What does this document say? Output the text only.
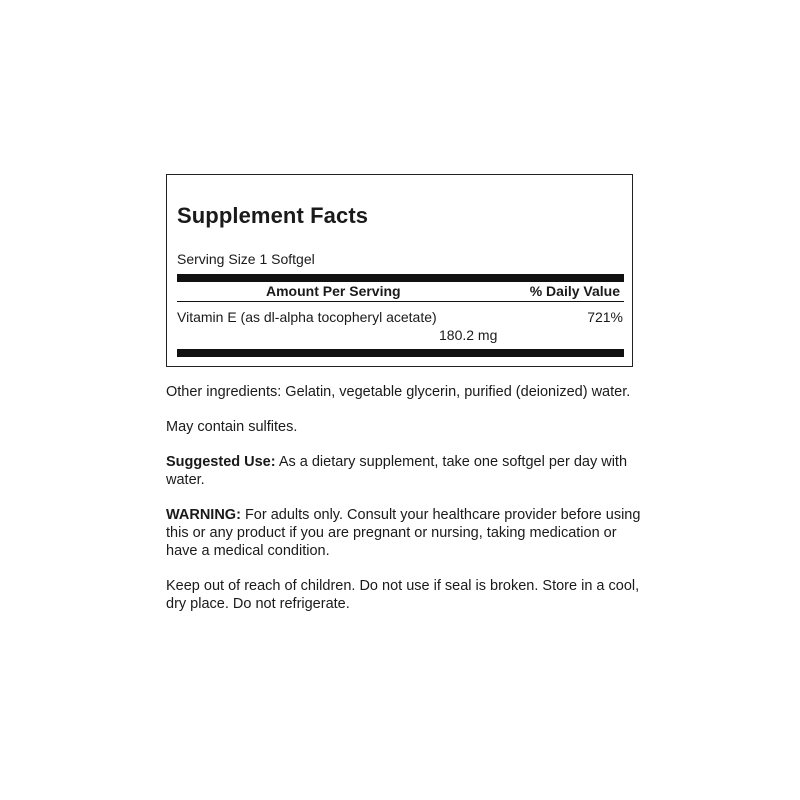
Supplement Facts
Serving Size 1 Softgel
Amount Per Serving	% Daily Value
Vitamin E (as dl-alpha tocopheryl acetate)	721%
180.2 mg

Other ingredients: Gelatin, vegetable glycerin, purified (deionized) water.

May contain sulfites.

Suggested Use: As a dietary supplement, take one softgel per day with water.

WARNING: For adults only. Consult your healthcare provider before using this or any product if you are pregnant or nursing, taking medication or have a medical condition.

Keep out of reach of children. Do not use if seal is broken. Store in a cool, dry place. Do not refrigerate.
